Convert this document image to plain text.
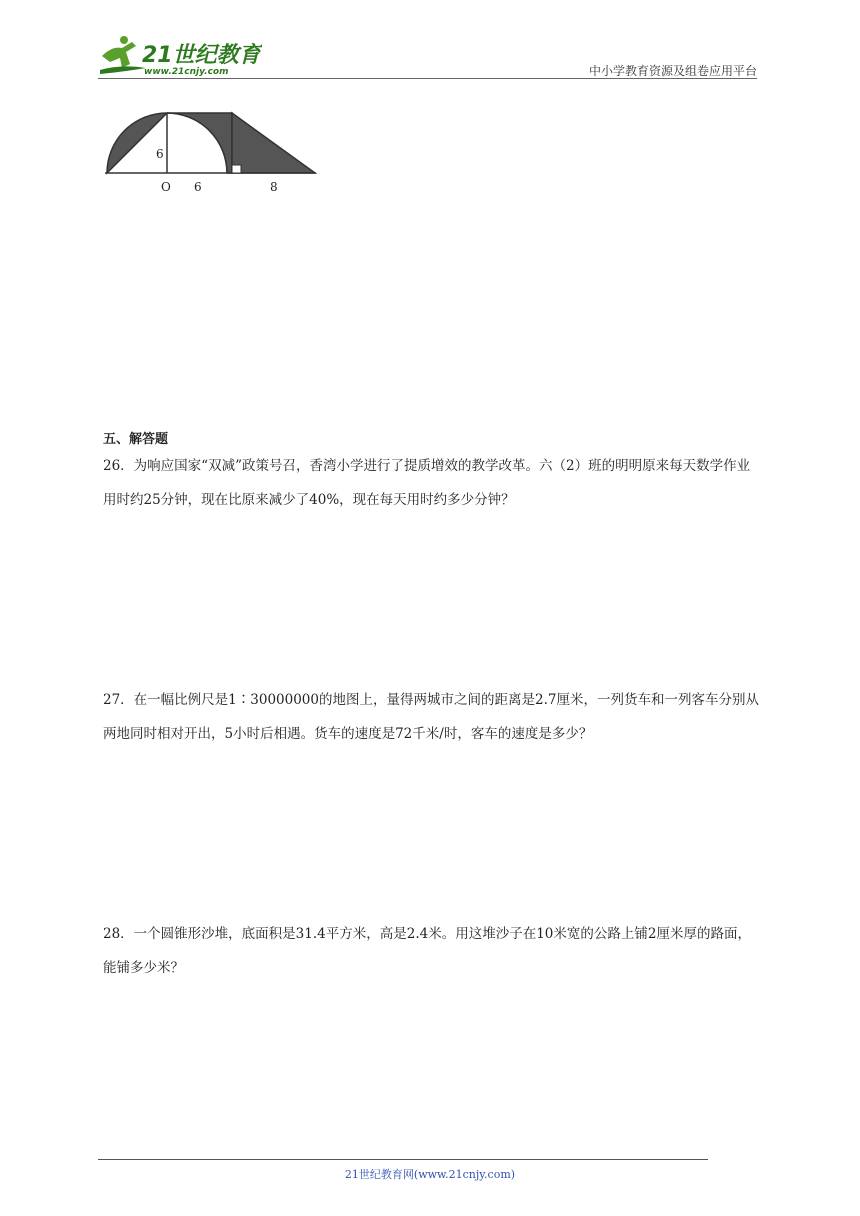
21世纪教育
www.21cnjy.com	中小学教育资源及组卷应用平台
6
O 6	8
五、解答题

26．为响应国家“双减”政策号召，香湾小学进行了提质增效的教学改革。六（2）班的明明原来每天数学作业用时约25分钟，现在比原来减少了40%，现在每天用时约多少分钟？

27．在一幅比例尺是1∶30000000的地图上，量得两城市之间的距离是2.7厘米，一列货车和一列客车分别从两地同时相对开出，5小时后相遇。货车的速度是72千米/时，客车的速度是多少？

28．一个圆锥形沙堆，底面积是31.4平方米，高是2.4米。用这堆沙子在10米宽的公路上铺2厘米厚的路面，能铺多少米？

21世纪教育网(www.21cnjy.com)
